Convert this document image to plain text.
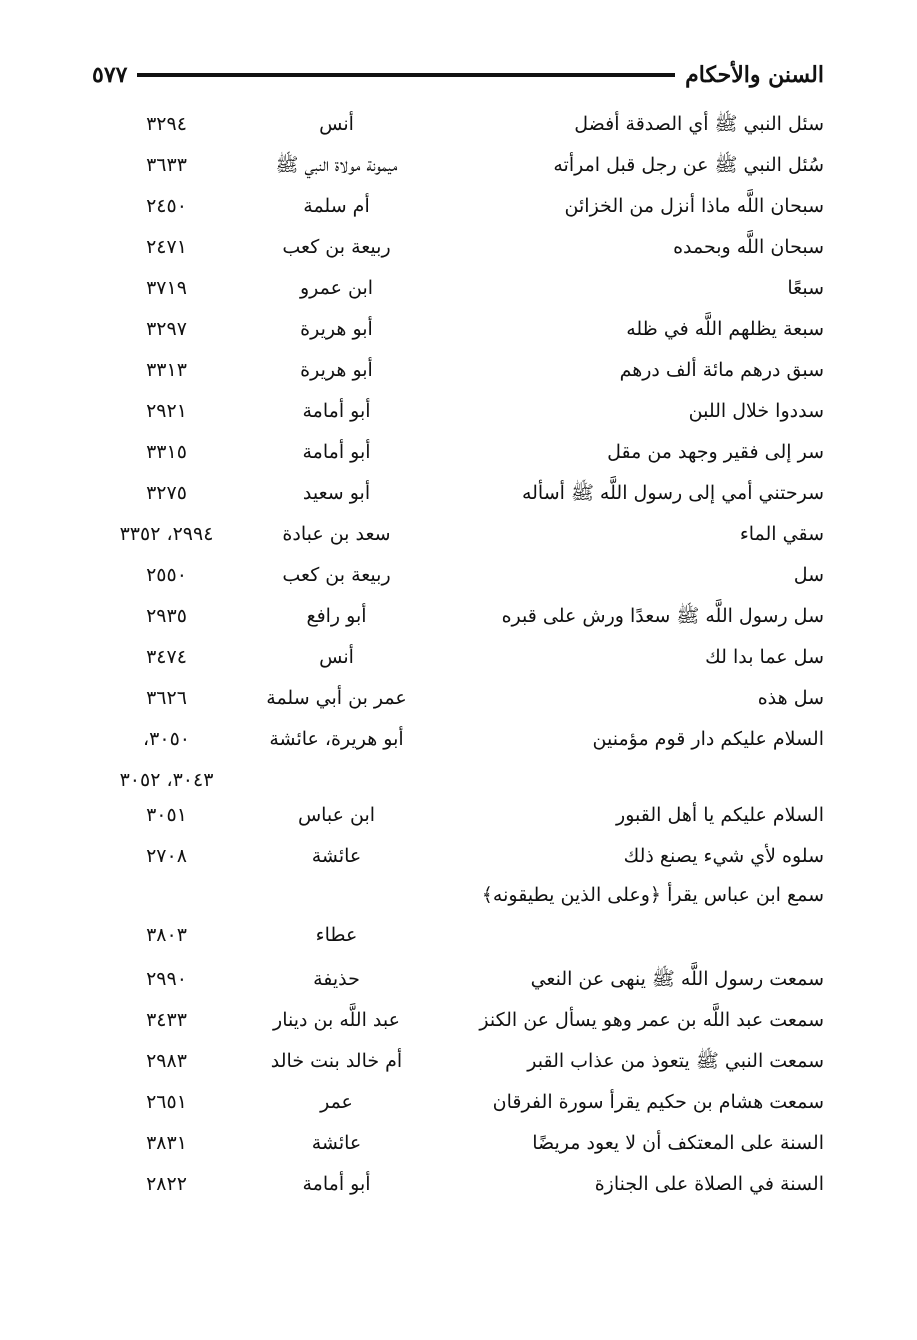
السنن والأحكام
٥٧٧
سئل النبي ﷺ أي الصدقة أفضل
أنس
٣٢٩٤
سُئل النبي ﷺ عن رجل قبل امرأته
ميمونة مولاة النبي ﷺ
٣٦٣٣
سبحان اللَّه ماذا أنزل من الخزائن
أم سلمة
٢٤٥٠
سبحان اللَّه وبحمده
ربيعة بن كعب
٢٤٧١
سبعًا
ابن عمرو
٣٧١٩
سبعة يظلهم اللَّه في ظله
أبو هريرة
٣٢٩٧
سبق درهم مائة ألف درهم
أبو هريرة
٣٣١٣
سددوا خلال اللبن
أبو أمامة
٢٩٢١
سر إلى فقير وجهد من مقل
أبو أمامة
٣٣١٥
سرحتني أمي إلى رسول اللَّه ﷺ أسأله
أبو سعيد
٣٢٧٥
سقي الماء
سعد بن عبادة
٢٩٩٤، ٣٣٥٢
سل
ربيعة بن كعب
٢٥٥٠
سل رسول اللَّه ﷺ سعدًا ورش على قبره
أبو رافع
٢٩٣٥
سل عما بدا لك
أنس
٣٤٧٤
سل هذه
عمر بن أبي سلمة
٣٦٢٦
السلام عليكم دار قوم مؤمنين
أبو هريرة، عائشة
٣٠٥٠،
٣٠٤٣، ٣٠٥٢
السلام عليكم يا أهل القبور
ابن عباس
٣٠٥١
سلوه لأي شيء يصنع ذلك
عائشة
٢٧٠٨
سمع ابن عباس يقرأ ﴿وعلى الذين يطيقونه﴾
عطاء
٣٨٠٣
سمعت رسول اللَّه ﷺ ينهى عن النعي
حذيفة
٢٩٩٠
سمعت عبد اللَّه بن عمر وهو يسأل عن الكنز
عبد اللَّه بن دينار
٣٤٣٣
سمعت النبي ﷺ يتعوذ من عذاب القبر
أم خالد بنت خالد
٢٩٨٣
سمعت هشام بن حكيم يقرأ سورة الفرقان
عمر
٢٦٥١
السنة على المعتكف أن لا يعود مريضًا
عائشة
٣٨٣١
السنة في الصلاة على الجنازة
أبو أمامة
٢٨٢٢
